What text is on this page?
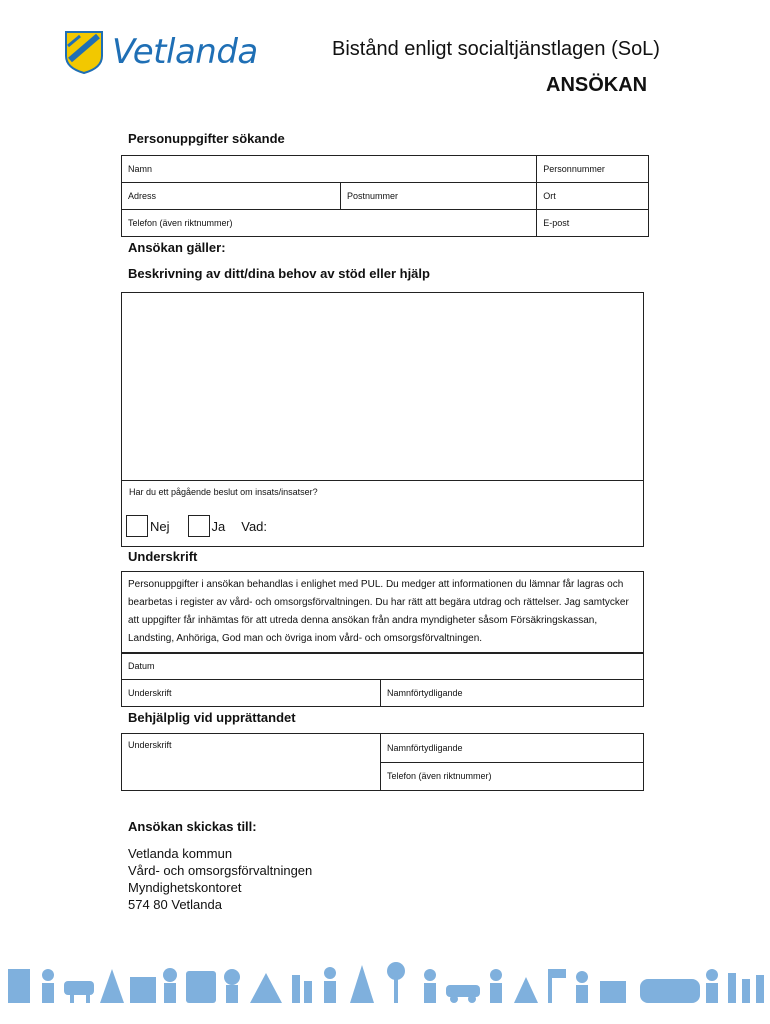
Vetlanda	Bistånd enligt socialtjänstlagen (SoL)
ANSÖKAN
Personuppgifter sökande
Namn		Personnummer
Adress	Postnummer	Ort
Telefon (även riktnummer)		E-post
Ansökan gäller:
Beskrivning av ditt/dina behov av stöd eller hjälp
Har du ett pågående beslut om insats/insatser?
Nej	Ja Vad:
Underskrift
Personuppgifter i ansökan behandlas i enlighet med PUL. Du medger att informationen du lämnar får lagras och bearbetas i register av vård- och omsorgsförvaltningen. Du har rätt att begära utdrag och rättelser. Jag samtycker att uppgifter får inhämtas för att utreda denna ansökan från andra myndigheter såsom Försäkringskassan, Landsting, Anhöriga, God man och övriga inom vård- och omsorgsförvaltningen.
Datum
Underskrift	Namnförtydligande
Behjälplig vid upprättandet
Underskrift	Namnförtydligande
Telefon (även riktnummer)
Ansökan skickas till:
Vetlanda kommun
Vård- och omsorgsförvaltningen
Myndighetskontoret
574 80 Vetlanda
